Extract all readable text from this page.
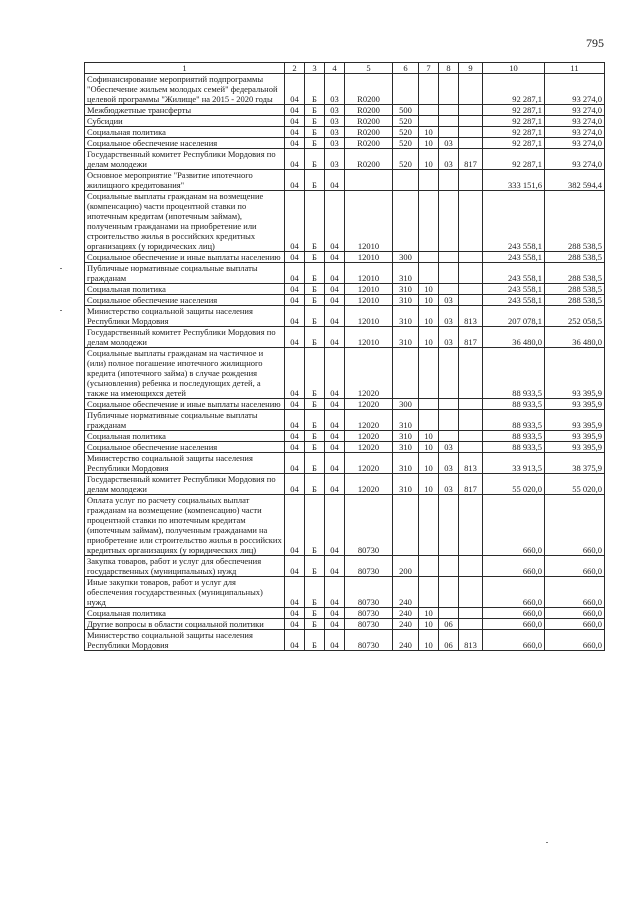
795
1	2	3	4	5	6	7	8	9	10	11
Софинансирование мероприятий подпрограммы "Обеспечение жильем молодых семей" федеральной целевой программы "Жилище" на 2015 - 2020 годы	04	Б	03	R0200					92 287,1	93 274,0
Межбюджетные трансферты	04	Б	03	R0200	500				92 287,1	93 274,0
Субсидии	04	Б	03	R0200	520				92 287,1	93 274,0
Социальная политика	04	Б	03	R0200	520	10			92 287,1	93 274,0
Социальное обеспечение населения	04	Б	03	R0200	520	10	03		92 287,1	93 274,0
Государственный комитет Республики Мордовия по делам молодежи	04	Б	03	R0200	520	10	03	817	92 287,1	93 274,0
Основное мероприятие "Развитие ипотечного жилищного кредитования"	04	Б	04						333 151,6	382 594,4
Социальные выплаты гражданам на возмещение (компенсацию) части процентной ставки по ипотечным кредитам (ипотечным займам), полученным гражданами на приобретение или строительство жилья в российских кредитных организациях (у юридических лиц)	04	Б	04	12010					243 558,1	288 538,5
Социальное обеспечение и иные выплаты населению	04	Б	04	12010	300				243 558,1	288 538,5
Публичные нормативные социальные выплаты гражданам	04	Б	04	12010	310				243 558,1	288 538,5
Социальная политика	04	Б	04	12010	310	10			243 558,1	288 538,5
Социальное обеспечение населения	04	Б	04	12010	310	10	03		243 558,1	288 538,5
Министерство социальной защиты населения Республики Мордовия	04	Б	04	12010	310	10	03	813	207 078,1	252 058,5
Государственный комитет Республики Мордовия по делам молодежи	04	Б	04	12010	310	10	03	817	36 480,0	36 480,0
Социальные выплаты гражданам на частичное и (или) полное погашение ипотечного жилищного кредита (ипотечного займа) в случае рождения (усыновления) ребенка и последующих детей, а также на имеющихся детей	04	Б	04	12020					88 933,5	93 395,9
Социальное обеспечение и иные выплаты населению	04	Б	04	12020	300				88 933,5	93 395,9
Публичные нормативные социальные выплаты гражданам	04	Б	04	12020	310				88 933,5	93 395,9
Социальная политика	04	Б	04	12020	310	10			88 933,5	93 395,9
Социальное обеспечение населения	04	Б	04	12020	310	10	03		88 933,5	93 395,9
Министерство социальной защиты населения Республики Мордовия	04	Б	04	12020	310	10	03	813	33 913,5	38 375,9
Государственный комитет Республики Мордовия по делам молодежи	04	Б	04	12020	310	10	03	817	55 020,0	55 020,0
Оплата услуг по расчету социальных выплат гражданам на возмещение (компенсацию) части процентной ставки по ипотечным кредитам (ипотечным займам), полученным гражданами на приобретение или строительство жилья в российских кредитных организациях (у юридических лиц)	04	Б	04	80730					660,0	660,0
Закупка товаров, работ и услуг для обеспечения государственных (муниципальных) нужд	04	Б	04	80730	200				660,0	660,0
Иные закупки товаров, работ и услуг для обеспечения государственных (муниципальных) нужд	04	Б	04	80730	240				660,0	660,0
Социальная политика	04	Б	04	80730	240	10			660,0	660,0
Другие вопросы в области социальной политики	04	Б	04	80730	240	10	06		660,0	660,0
Министерство социальной защиты населения Республики Мордовия	04	Б	04	80730	240	10	06	813	660,0	660,0
